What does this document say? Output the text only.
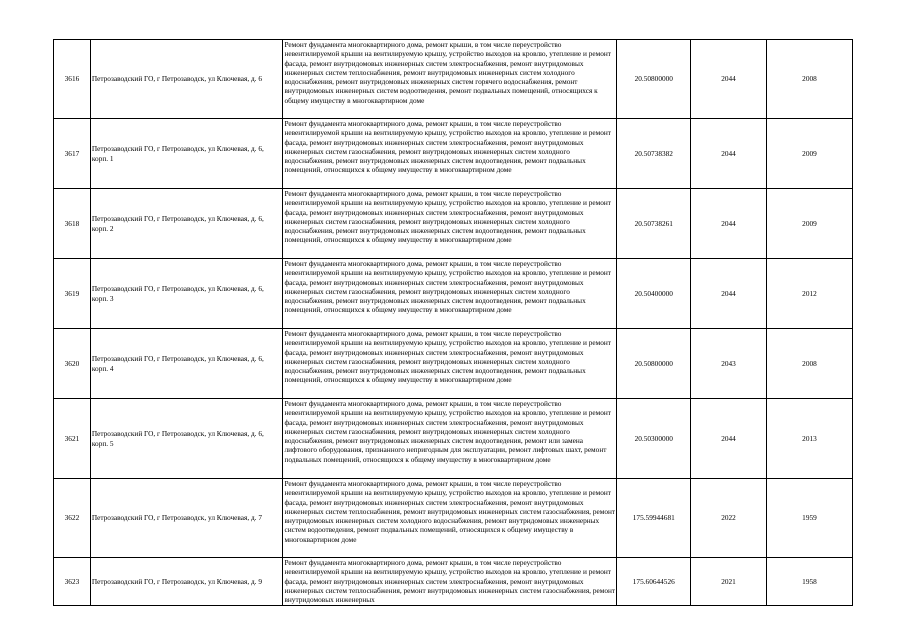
3616	Петрозаводский ГО, г Петрозаводск, ул Ключевая, д. 6	Ремонт фундамента многоквартирного дома, ремонт крыши, в том числе переустройство невентилируемой крыши на вентилируемую крышу, устройство выходов на кровлю, утепление и ремонт фасада, ремонт внутридомовых инженерных систем электроснабжения, ремонт внутридомовых инженерных систем теплоснабжения, ремонт внутридомовых инженерных систем холодного водоснабжения, ремонт внутридомовых инженерных систем горячего водоснабжения, ремонт внутридомовых инженерных систем водоотведения, ремонт подвальных помещений, относящихся к общему имуществу в многоквартирном доме	20.50800000	2044	2008
3617	Петрозаводский ГО, г Петрозаводск, ул Ключевая, д. 6, корп. 1	Ремонт фундамента многоквартирного дома, ремонт крыши, в том числе переустройство невентилируемой крыши на вентилируемую крышу, устройство выходов на кровлю, утепление и ремонт фасада, ремонт внутридомовых инженерных систем электроснабжения, ремонт внутридомовых инженерных систем газоснабжения, ремонт внутридомовых инженерных систем холодного водоснабжения, ремонт внутридомовых инженерных систем водоотведения, ремонт подвальных помещений, относящихся к общему имуществу в многоквартирном доме	20.50738382	2044	2009
3618	Петрозаводский ГО, г Петрозаводск, ул Ключевая, д. 6, корп. 2	Ремонт фундамента многоквартирного дома, ремонт крыши, в том числе переустройство невентилируемой крыши на вентилируемую крышу, устройство выходов на кровлю, утепление и ремонт фасада, ремонт внутридомовых инженерных систем электроснабжения, ремонт внутридомовых инженерных систем газоснабжения, ремонт внутридомовых инженерных систем холодного водоснабжения, ремонт внутридомовых инженерных систем водоотведения, ремонт подвальных помещений, относящихся к общему имуществу в многоквартирном доме	20.50738261	2044	2009
3619	Петрозаводский ГО, г Петрозаводск, ул Ключевая, д. 6, корп. 3	Ремонт фундамента многоквартирного дома, ремонт крыши, в том числе переустройство невентилируемой крыши на вентилируемую крышу, устройство выходов на кровлю, утепление и ремонт фасада, ремонт внутридомовых инженерных систем электроснабжения, ремонт внутридомовых инженерных систем газоснабжения, ремонт внутридомовых инженерных систем холодного водоснабжения, ремонт внутридомовых инженерных систем водоотведения, ремонт подвальных помещений, относящихся к общему имуществу в многоквартирном доме	20.50400000	2044	2012
3620	Петрозаводский ГО, г Петрозаводск, ул Ключевая, д. 6, корп. 4	Ремонт фундамента многоквартирного дома, ремонт крыши, в том числе переустройство невентилируемой крыши на вентилируемую крышу, устройство выходов на кровлю, утепление и ремонт фасада, ремонт внутридомовых инженерных систем электроснабжения, ремонт внутридомовых инженерных систем газоснабжения, ремонт внутридомовых инженерных систем холодного водоснабжения, ремонт внутридомовых инженерных систем водоотведения, ремонт подвальных помещений, относящихся к общему имуществу в многоквартирном доме	20.50800000	2043	2008
3621	Петрозаводский ГО, г Петрозаводск, ул Ключевая, д. 6, корп. 5	Ремонт фундамента многоквартирного дома, ремонт крыши, в том числе переустройство невентилируемой крыши на вентилируемую крышу, устройство выходов на кровлю, утепление и ремонт фасада, ремонт внутридомовых инженерных систем электроснабжения, ремонт внутридомовых инженерных систем газоснабжения, ремонт внутридомовых инженерных систем холодного водоснабжения, ремонт внутридомовых инженерных систем водоотведения, ремонт или замена лифтового оборудования, признанного непригодным для эксплуатации, ремонт лифтовых шахт, ремонт подвальных помещений, относящихся к общему имуществу в многоквартирном доме	20.50300000	2044	2013
3622	Петрозаводский ГО, г Петрозаводск, ул Ключевая, д. 7	Ремонт фундамента многоквартирного дома, ремонт крыши, в том числе переустройство невентилируемой крыши на вентилируемую крышу, устройство выходов на кровлю, утепление и ремонт фасада, ремонт внутридомовых инженерных систем электроснабжения, ремонт внутридомовых инженерных систем теплоснабжения, ремонт внутридомовых инженерных систем газоснабжения, ремонт внутридомовых инженерных систем холодного водоснабжения, ремонт внутридомовых инженерных систем водоотведения, ремонт подвальных помещений, относящихся к общему имуществу в многоквартирном доме	175.59944681	2022	1959
3623	Петрозаводский ГО, г Петрозаводск, ул Ключевая, д. 9	Ремонт фундамента многоквартирного дома, ремонт крыши, в том числе переустройство невентилируемой крыши на вентилируемую крышу, устройство выходов на кровлю, утепление и ремонт фасада, ремонт внутридомовых инженерных систем электроснабжения, ремонт внутридомовых инженерных систем теплоснабжения, ремонт внутридомовых инженерных систем газоснабжения, ремонт внутридомовых инженерных	175.60644526	2021	1958
